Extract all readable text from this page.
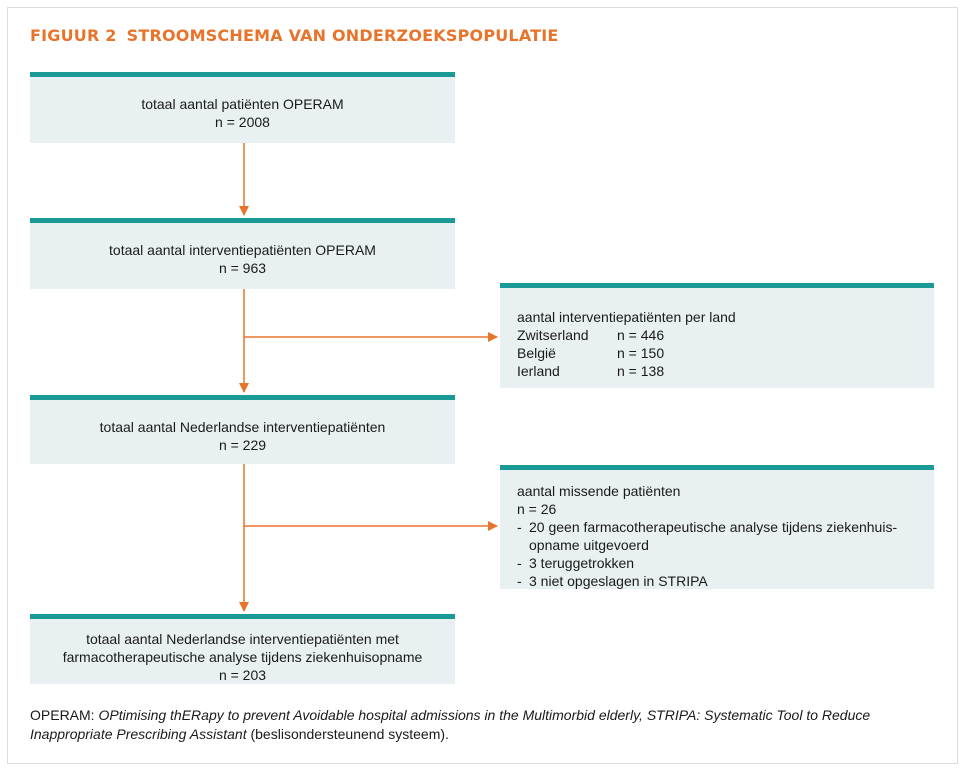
FIGUUR 2 STROOMSCHEMA VAN ONDERZOEKSPOPULATIE
totaal aantal patiënten OPERAM
n = 2008
totaal aantal interventiepatiënten OPERAM
n = 963
totaal aantal Nederlandse interventiepatiënten
n = 229
totaal aantal Nederlandse interventiepatiënten met
farmacotherapeutische analyse tijdens ziekenhuisopname
n = 203
aantal interventiepatiënten per land
Zwitserland	n = 446
België	n = 150
Ierland	n = 138
aantal missende patiënten
n = 26
- 20 geen farmacotherapeutische analyse tijdens ziekenhuis-
opname uitgevoerd
- 3 teruggetrokken
- 3 niet opgeslagen in STRIPA
OPERAM: OPtimising thERapy to prevent Avoidable hospital admissions in the Multimorbid elderly, STRIPA: Systematic Tool to Reduce Inappropriate Prescribing Assistant (beslisondersteunend systeem).
